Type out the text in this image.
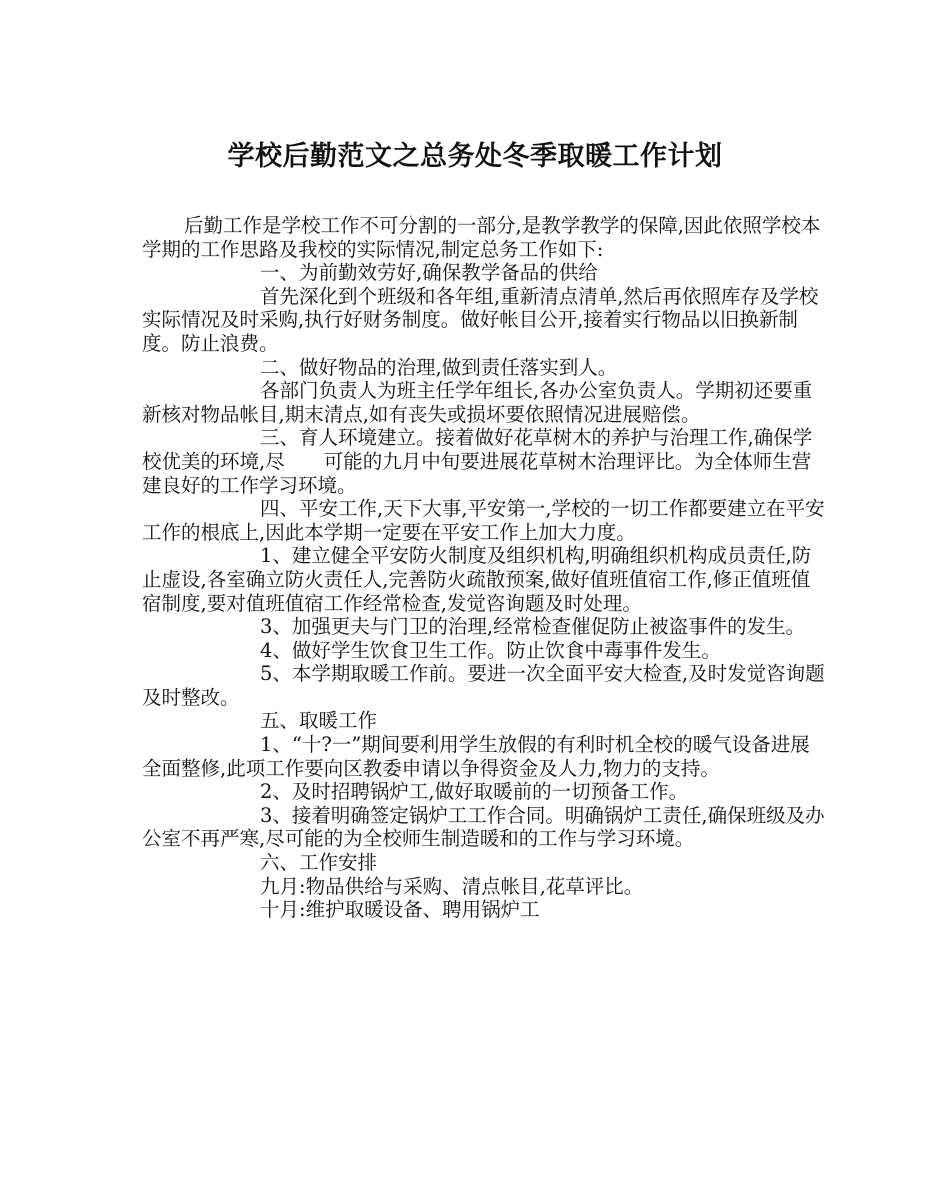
学校后勤范文之总务处冬季取暖工作计划

后勤工作是学校工作不可分割的一部分,是教学教学的保障,因此依照学校本学期的工作思路及我校的实际情况,制定总务工作如下:

一、为前勤效劳好,确保教学备品的供给

首先深化到个班级和各年组,重新清点清单,然后再依照库存及学校实际情况及时采购,执行好财务制度。做好帐目公开,接着实行物品以旧换新制度。防止浪费。

二、做好物品的治理,做到责任落实到人。

各部门负责人为班主任学年组长,各办公室负责人。学期初还要重新核对物品帐目,期末清点,如有丧失或损坏要依照情况进展赔偿。

三、育人环境建立。接着做好花草树木的养护与治理工作,确保学校优美的环境,尽　　可能的九月中旬要进展花草树木治理评比。为全体师生营建良好的工作学习环境。

四、平安工作,天下大事,平安第一,学校的一切工作都要建立在平安工作的根底上,因此本学期一定要在平安工作上加大力度。

1、建立健全平安防火制度及组织机构,明确组织机构成员责任,防止虚设,各室确立防火责任人,完善防火疏散预案,做好值班值宿工作,修正值班值宿制度,要对值班值宿工作经常检查,发觉咨询题及时处理。

3、加强更夫与门卫的治理,经常检查催促防止被盗事件的发生。

4、做好学生饮食卫生工作。防止饮食中毒事件发生。

5、本学期取暖工作前。要进一次全面平安大检查,及时发觉咨询题及时整改。

五、取暖工作

1、“十?一”期间要利用学生放假的有利时机全校的暖气设备进展全面整修,此项工作要向区教委申请以争得资金及人力,物力的支持。

2、及时招聘锅炉工,做好取暖前的一切预备工作。

3、接着明确签定锅炉工工作合同。明确锅炉工责任,确保班级及办公室不再严寒,尽可能的为全校师生制造暖和的工作与学习环境。

六、工作安排

九月:物品供给与采购、清点帐目,花草评比。

十月:维护取暖设备、聘用锅炉工
